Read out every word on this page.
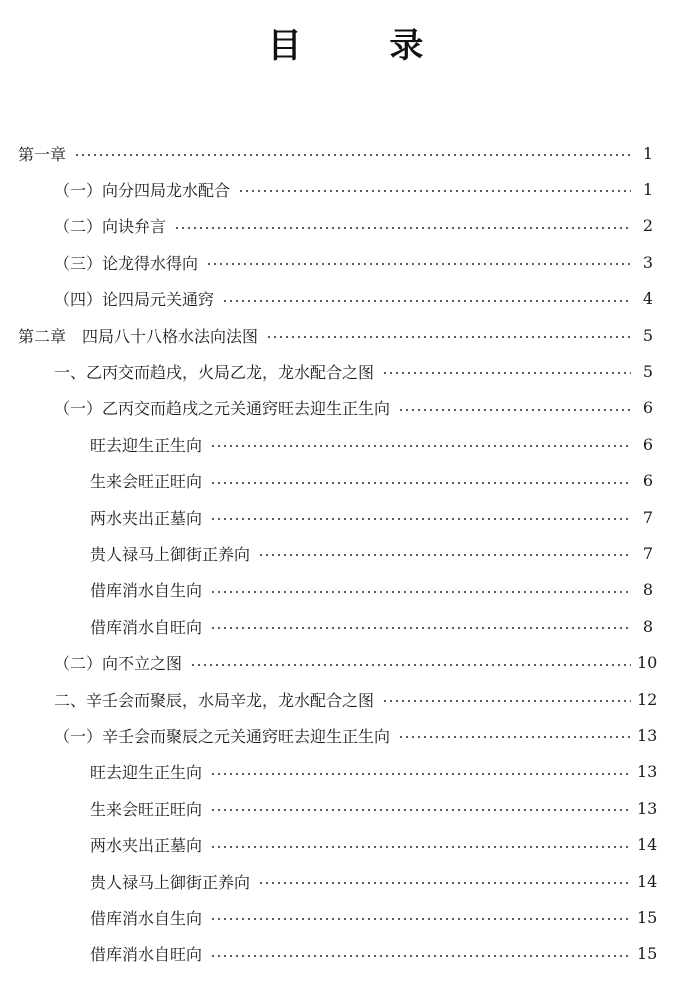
目 录
第一章	1
（一）向分四局龙水配合	1
（二）向诀弁言	2
（三）论龙得水得向	3
（四）论四局元关通窍	4
第二章　四局八十八格水法向法图	5
一、乙丙交而趋戌，火局乙龙，龙水配合之图	5
（一）乙丙交而趋戌之元关通窍旺去迎生正生向	6
旺去迎生正生向	6
生来会旺正旺向	6
两水夹出正墓向	7
贵人禄马上御街正养向	7
借库消水自生向	8
借库消水自旺向	8
（二）向不立之图	10
二、辛壬会而聚辰，水局辛龙，龙水配合之图	12
（一）辛壬会而聚辰之元关通窍旺去迎生正生向	13
旺去迎生正生向	13
生来会旺正旺向	13
两水夹出正墓向	14
贵人禄马上御街正养向	14
借库消水自生向	15
借库消水自旺向	15
